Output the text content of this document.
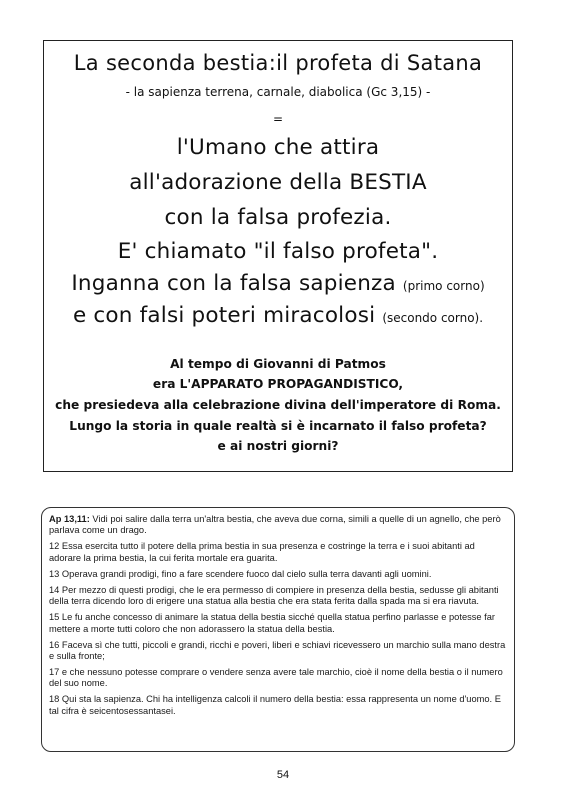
La seconda bestia:il profeta di Satana
- la sapienza terrena, carnale, diabolica (Gc 3,15) -
=
l'Umano che attira
all'adorazione della BESTIA
con la falsa profezia.
E' chiamato "il falso profeta".
Inganna con la falsa sapienza (primo corno)
e con falsi poteri miracolosi (secondo corno).
Al tempo di Giovanni di Patmos
era L'APPARATO PROPAGANDISTICO,
che presiedeva alla celebrazione divina dell'imperatore di Roma.
Lungo la storia in quale realtà si è incarnato il falso profeta?
e ai nostri giorni?

Ap 13,11: Vidi poi salire dalla terra un'altra bestia, che aveva due corna, simili a quelle di un agnello, che però parlava come un drago.

12 Essa esercita tutto il potere della prima bestia in sua presenza e costringe la terra e i suoi abitanti ad adorare la prima bestia, la cui ferita mortale era guarita.

13 Operava grandi prodigi, fino a fare scendere fuoco dal cielo sulla terra davanti agli uomini.

14 Per mezzo di questi prodigi, che le era permesso di compiere in presenza della bestia, sedusse gli abitanti della terra dicendo loro di erigere una statua alla bestia che era stata ferita dalla spada ma si era riavuta.

15 Le fu anche concesso di animare la statua della bestia sicché quella statua perfino parlasse e potesse far mettere a morte tutti coloro che non adorassero la statua della bestia.

16 Faceva sì che tutti, piccoli e grandi, ricchi e poveri, liberi e schiavi ricevessero un marchio sulla mano destra e sulla fronte;

17 e che nessuno potesse comprare o vendere senza avere tale marchio, cioè il nome della bestia o il numero del suo nome.

18 Qui sta la sapienza. Chi ha intelligenza calcoli il numero della bestia: essa rappresenta un nome d'uomo. E tal cifra è seicentosessantasei.

54
